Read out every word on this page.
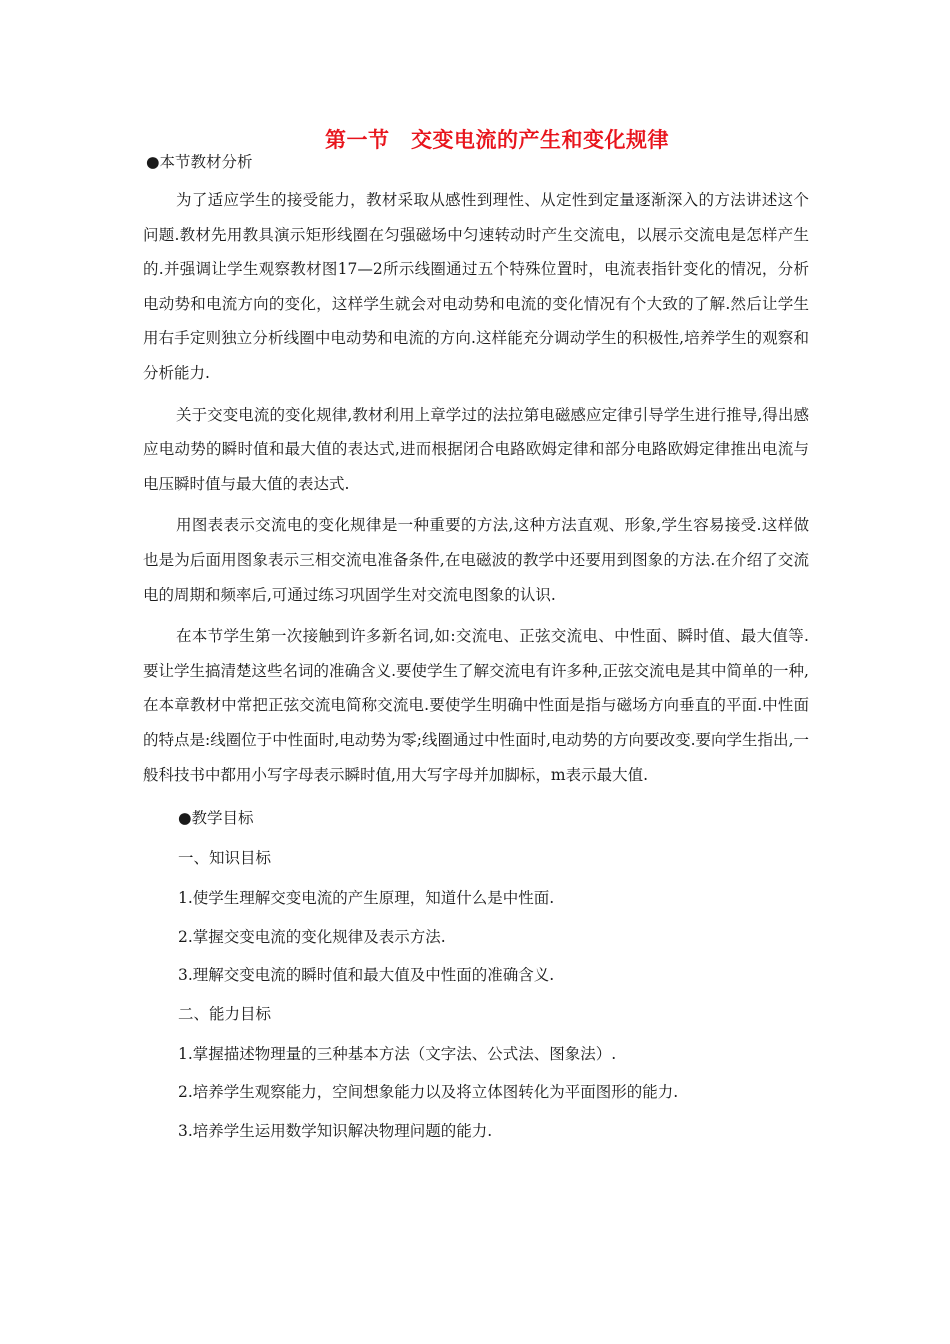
第一节　交变电流的产生和变化规律
●本节教材分析

为了适应学生的接受能力，教材采取从感性到理性、从定性到定量逐渐深入的方法讲述这个问题.教材先用教具演示矩形线圈在匀强磁场中匀速转动时产生交流电，以展示交流电是怎样产生的.并强调让学生观察教材图17—2所示线圈通过五个特殊位置时，电流表指针变化的情况，分析电动势和电流方向的变化，这样学生就会对电动势和电流的变化情况有个大致的了解.然后让学生用右手定则独立分析线圈中电动势和电流的方向.这样能充分调动学生的积极性,培养学生的观察和分析能力.

关于交变电流的变化规律,教材利用上章学过的法拉第电磁感应定律引导学生进行推导,得出感应电动势的瞬时值和最大值的表达式,进而根据闭合电路欧姆定律和部分电路欧姆定律推出电流与电压瞬时值与最大值的表达式.

用图表表示交流电的变化规律是一种重要的方法,这种方法直观、形象,学生容易接受.这样做也是为后面用图象表示三相交流电准备条件,在电磁波的教学中还要用到图象的方法.在介绍了交流电的周期和频率后,可通过练习巩固学生对交流电图象的认识.

在本节学生第一次接触到许多新名词,如:交流电、正弦交流电、中性面、瞬时值、最大值等.要让学生搞清楚这些名词的准确含义.要使学生了解交流电有许多种,正弦交流电是其中简单的一种,在本章教材中常把正弦交流电简称交流电.要使学生明确中性面是指与磁场方向垂直的平面.中性面的特点是:线圈位于中性面时,电动势为零;线圈通过中性面时,电动势的方向要改变.要向学生指出,一般科技书中都用小写字母表示瞬时值,用大写字母并加脚标，m表示最大值.

●教学目标
一、知识目标
1.使学生理解交变电流的产生原理，知道什么是中性面.
2.掌握交变电流的变化规律及表示方法.
3.理解交变电流的瞬时值和最大值及中性面的准确含义.
二、能力目标
1.掌握描述物理量的三种基本方法（文字法、公式法、图象法）.
2.培养学生观察能力，空间想象能力以及将立体图转化为平面图形的能力.
3.培养学生运用数学知识解决物理问题的能力.
